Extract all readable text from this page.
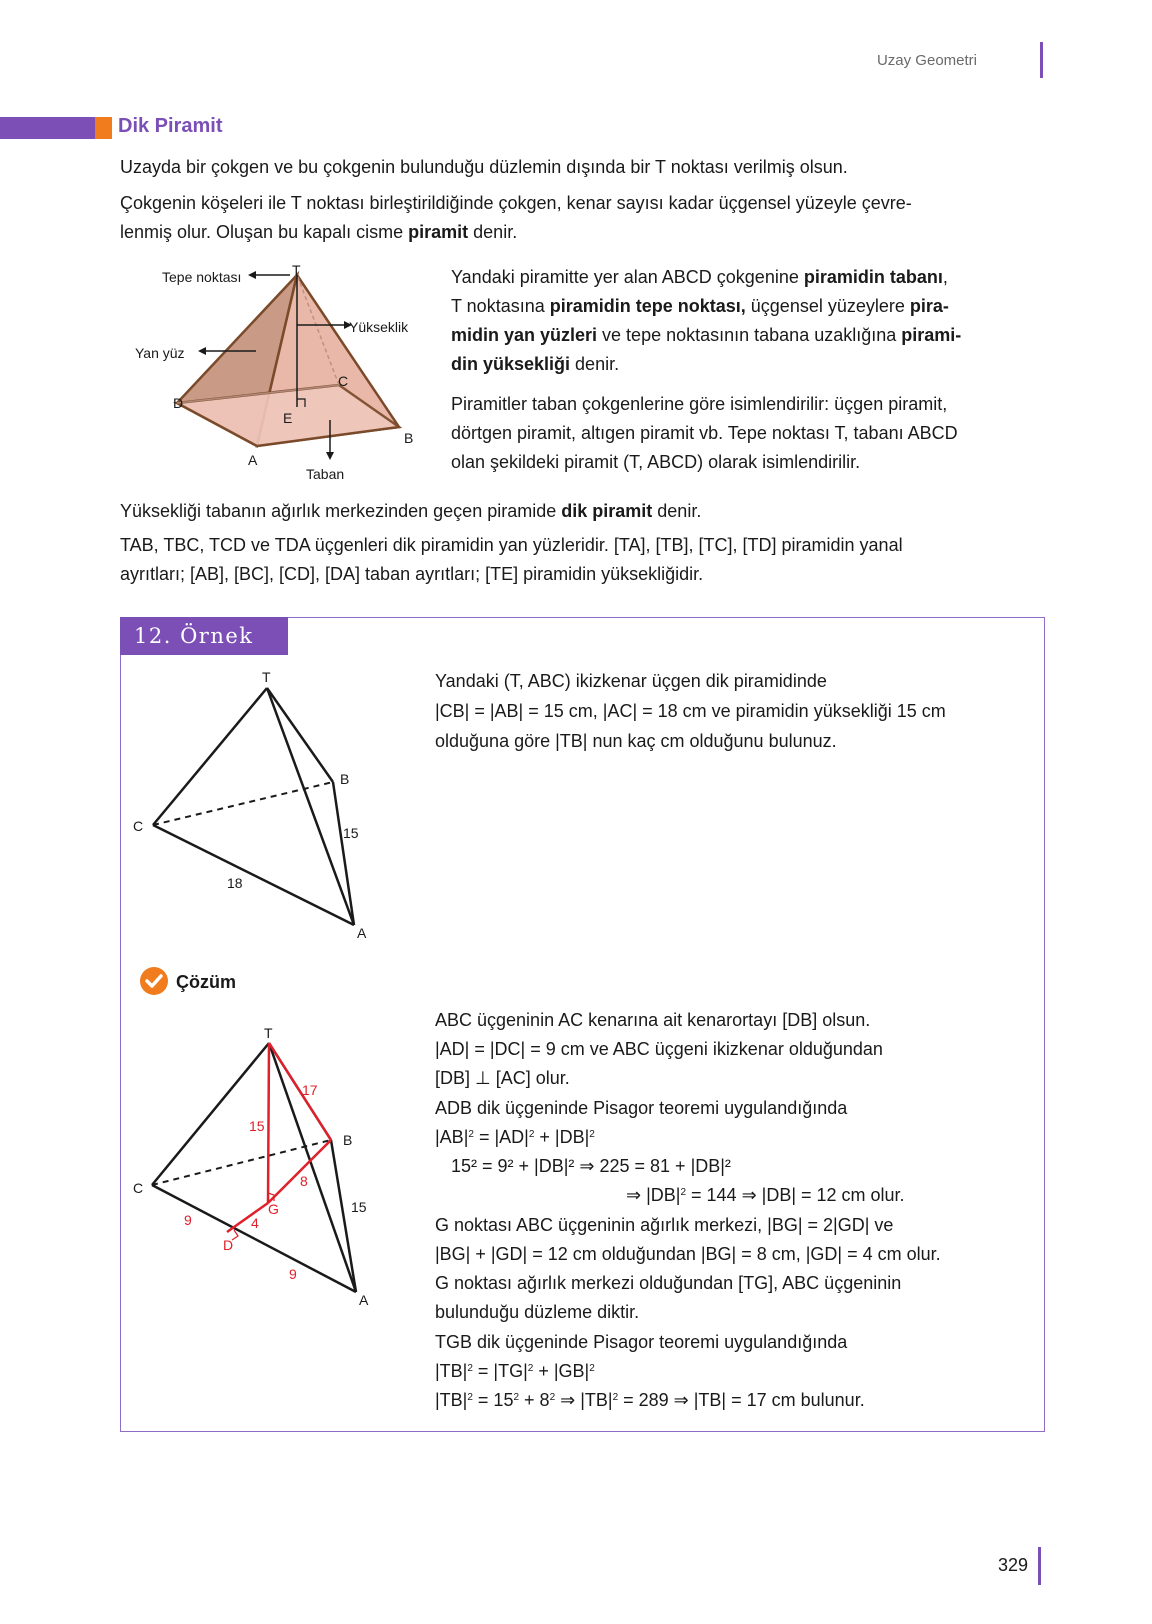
Uzay Geometri
Dik Piramit
Uzayda bir çokgen ve bu çokgenin bulunduğu düzlemin dışında bir T noktası verilmiş olsun.
Çokgenin köşeleri ile T noktası birleştirildiğinde çokgen, kenar sayısı kadar üçgensel yüzeyle çevre-
lenmiş olur. Oluşan bu kapalı cisme piramit denir.
Tepe noktası	T
Yükseklik
Yan yüz
C
D
E
B
A
Taban
Yandaki piramitte yer alan ABCD çokgenine piramidin tabanı,
T noktasına piramidin tepe noktası, üçgensel yüzeylere pira-
midin yan yüzleri ve tepe noktasının tabana uzaklığına pirami-
din yüksekliği denir.
Piramitler taban çokgenlerine göre isimlendirilir: üçgen piramit,
dörtgen piramit, altıgen piramit vb. Tepe noktası T, tabanı ABCD
olan şekildeki piramit (T, ABCD) olarak isimlendirilir.
Yüksekliği tabanın ağırlık merkezinden geçen piramide dik piramit denir.
TAB, TBC, TCD ve TDA üçgenleri dik piramidin yan yüzleridir. [TA], [TB], [TC], [TD] piramidin yanal
ayrıtları; [AB], [BC], [CD], [DA] taban ayrıtları; [TE] piramidin yüksekliğidir.
12. Örnek
T
B
C	15
18
A
Yandaki (T, ABC) ikizkenar üçgen dik piramidinde
|CB| = |AB| = 15 cm, |AC| = 18 cm ve piramidin yüksekliği 15 cm
olduğuna göre |TB| nun kaç cm olduğunu bulunuz.
Çözüm
T
17
15
B
8
C
G	15
9	4
D
9
A
ABC üçgeninin AC kenarına ait kenarortayı [DB] olsun.
|AD| = |DC| = 9 cm ve ABC üçgeni ikizkenar olduğundan
[DB] ⊥ [AC] olur.
ADB dik üçgeninde Pisagor teoremi uygulandığında
$|AB|^2 = |AD|^2 + |DB|^2$
15² = 9² + |DB|² ⇒ 225 = 81 + |DB|²
⇒ $|DB|^2 = 144$ ⇒ |DB| = 12 cm olur.
G noktası ABC üçgeninin ağırlık merkezi, |BG| = 2|GD| ve
|BG| + |GD| = 12 cm olduğundan |BG| = 8 cm, |GD| = 4 cm olur.
G noktası ağırlık merkezi olduğundan [TG], ABC üçgeninin
bulunduğu düzleme diktir.
TGB dik üçgeninde Pisagor teoremi uygulandığında
$|TB|^2 = |TG|^2 + |GB|^2$
$|TB|^2 = 15^2 + 8^2$ ⇒ $|TB|^2 = 289$ ⇒ |TB| = 17 cm bulunur.
329
